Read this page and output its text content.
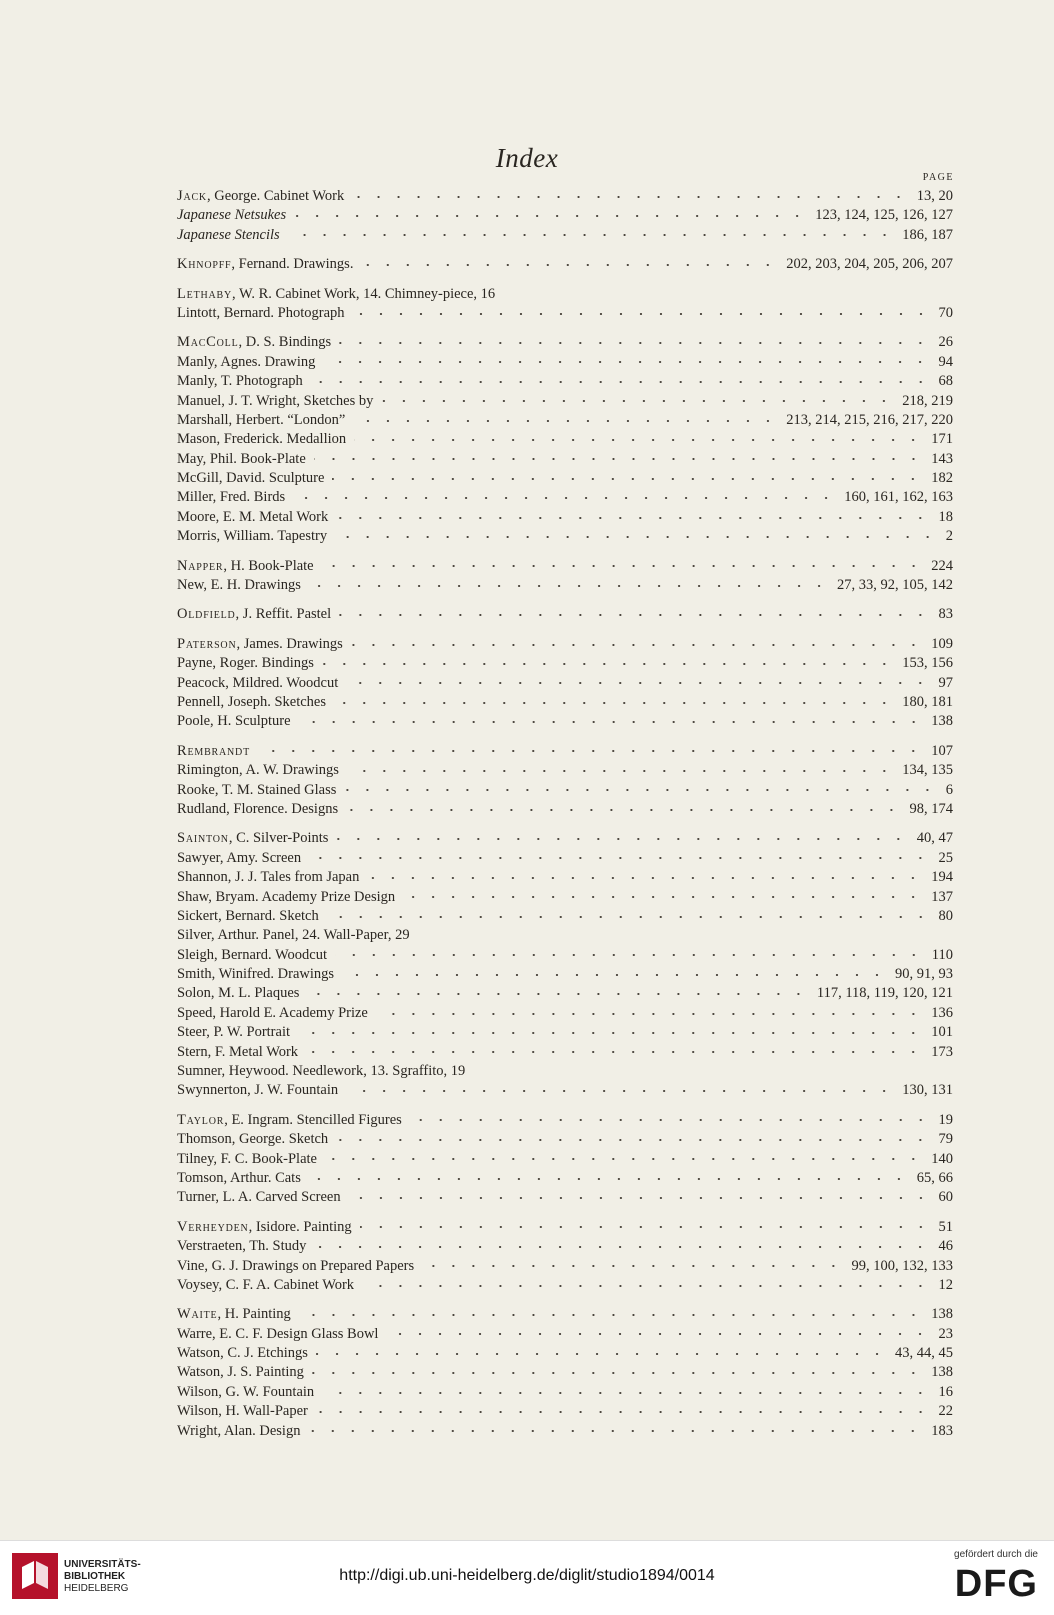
Index
PAGE
Jack, George. Cabinet Work	13, 20
Japanese Netsukes	123, 124, 125, 126, 127
Japanese Stencils	186, 187
Khnopff, Fernand. Drawings.	202, 203, 204, 205, 206, 207
Lethaby, W. R. Cabinet Work, 14. Chimney-piece, 16
Lintott, Bernard. Photograph	70
MacColl, D. S. Bindings	26
Manly, Agnes. Drawing	94
Manly, T. Photograph	68
Manuel, J. T. Wright, Sketches by	218, 219
Marshall, Herbert. “London”	213, 214, 215, 216, 217, 220
Mason, Frederick. Medallion	171
May, Phil. Book-Plate	143
McGill, David. Sculpture	182
Miller, Fred. Birds	160, 161, 162, 163
Moore, E. M. Metal Work	18
Morris, William. Tapestry	2
Napper, H. Book-Plate	224
New, E. H. Drawings	27, 33, 92, 105, 142
Oldfield, J. Reffit. Pastel	83
Paterson, James. Drawings	109
Payne, Roger. Bindings	153, 156
Peacock, Mildred. Woodcut	97
Pennell, Joseph. Sketches	180, 181
Poole, H. Sculpture	138
Rembrandt	107
Rimington, A. W. Drawings	134, 135
Rooke, T. M. Stained Glass	6
Rudland, Florence. Designs	98, 174
Sainton, C. Silver-Points	40, 47
Sawyer, Amy. Screen	25
Shannon, J. J. Tales from Japan	194
Shaw, Bryam. Academy Prize Design	137
Sickert, Bernard. Sketch	80
Silver, Arthur. Panel, 24. Wall-Paper, 29
Sleigh, Bernard. Woodcut	110
Smith, Winifred. Drawings	90, 91, 93
Solon, M. L. Plaques	117, 118, 119, 120, 121
Speed, Harold E. Academy Prize	136
Steer, P. W. Portrait	101
Stern, F. Metal Work	173
Sumner, Heywood. Needlework, 13. Sgraffito, 19
Swynnerton, J. W. Fountain	130, 131
Taylor, E. Ingram. Stencilled Figures	19
Thomson, George. Sketch	79
Tilney, F. C. Book-Plate	140
Tomson, Arthur. Cats	65, 66
Turner, L. A. Carved Screen	60
Verheyden, Isidore. Painting	51
Verstraeten, Th. Study	46
Vine, G. J. Drawings on Prepared Papers	99, 100, 132, 133
Voysey, C. F. A. Cabinet Work	12
Waite, H. Painting	138
Warre, E. C. F. Design Glass Bowl	23
Watson, C. J. Etchings	43, 44, 45
Watson, J. S. Painting	138
Wilson, G. W. Fountain	16
Wilson, H. Wall-Paper	22
Wright, Alan. Design	183
UNIVERSITÄTS-
BIBLIOTHEK
HEIDELBERG
http://digi.ub.uni-heidelberg.de/diglit/studio1894/0014
gefördert durch die
DFG
